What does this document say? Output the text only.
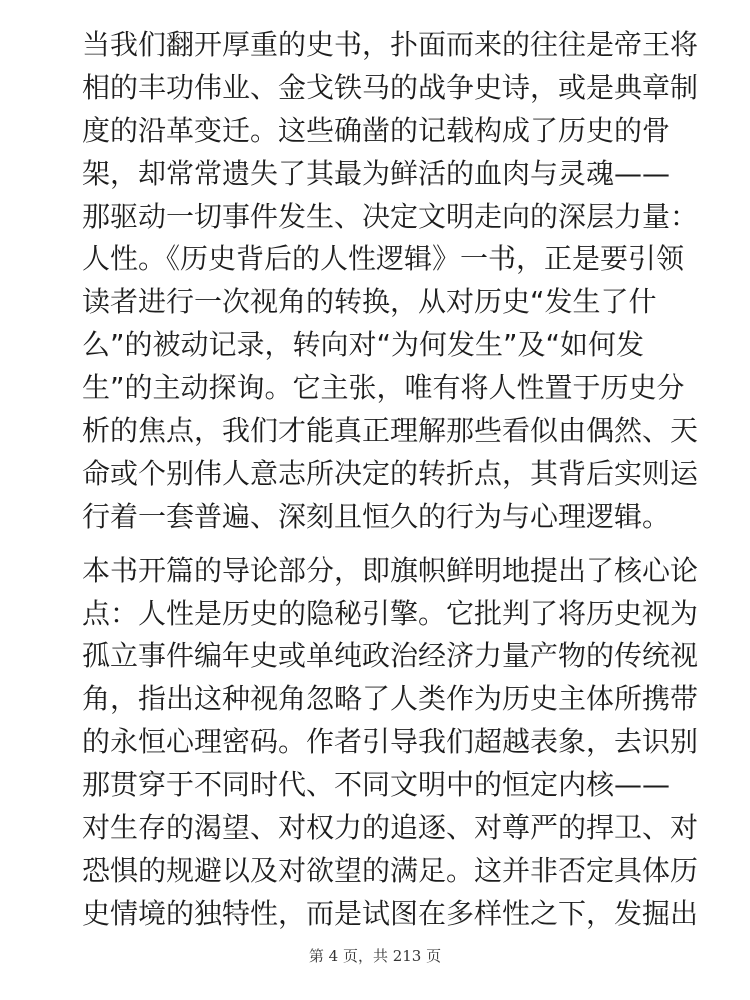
当我们翻开厚重的史书，扑面而来的往往是帝王将
相的丰功伟业、金戈铁马的战争史诗，或是典章制
度的沿革变迁。这些确凿的记载构成了历史的骨
架，却常常遗失了其最为鲜活的血肉与灵魂——
那驱动一切事件发生、决定文明走向的深层力量：
人性。《历史背后的人性逻辑》一书，正是要引领
读者进行一次视角的转换，从对历史“发生了什
么”的被动记录，转向对“为何发生”及“如何发
生”的主动探询。它主张，唯有将人性置于历史分
析的焦点，我们才能真正理解那些看似由偶然、天
命或个别伟人意志所决定的转折点，其背后实则运
行着一套普遍、深刻且恒久的行为与心理逻辑。

本书开篇的导论部分，即旗帜鲜明地提出了核心论
点：人性是历史的隐秘引擎。它批判了将历史视为
孤立事件编年史或单纯政治经济力量产物的传统视
角，指出这种视角忽略了人类作为历史主体所携带
的永恒心理密码。作者引导我们超越表象，去识别
那贯穿于不同时代、不同文明中的恒定内核——
对生存的渴望、对权力的追逐、对尊严的捍卫、对
恐惧的规避以及对欲望的满足。这并非否定具体历
史情境的独特性，而是试图在多样性之下，发掘出

第 4 页，共 213 页
